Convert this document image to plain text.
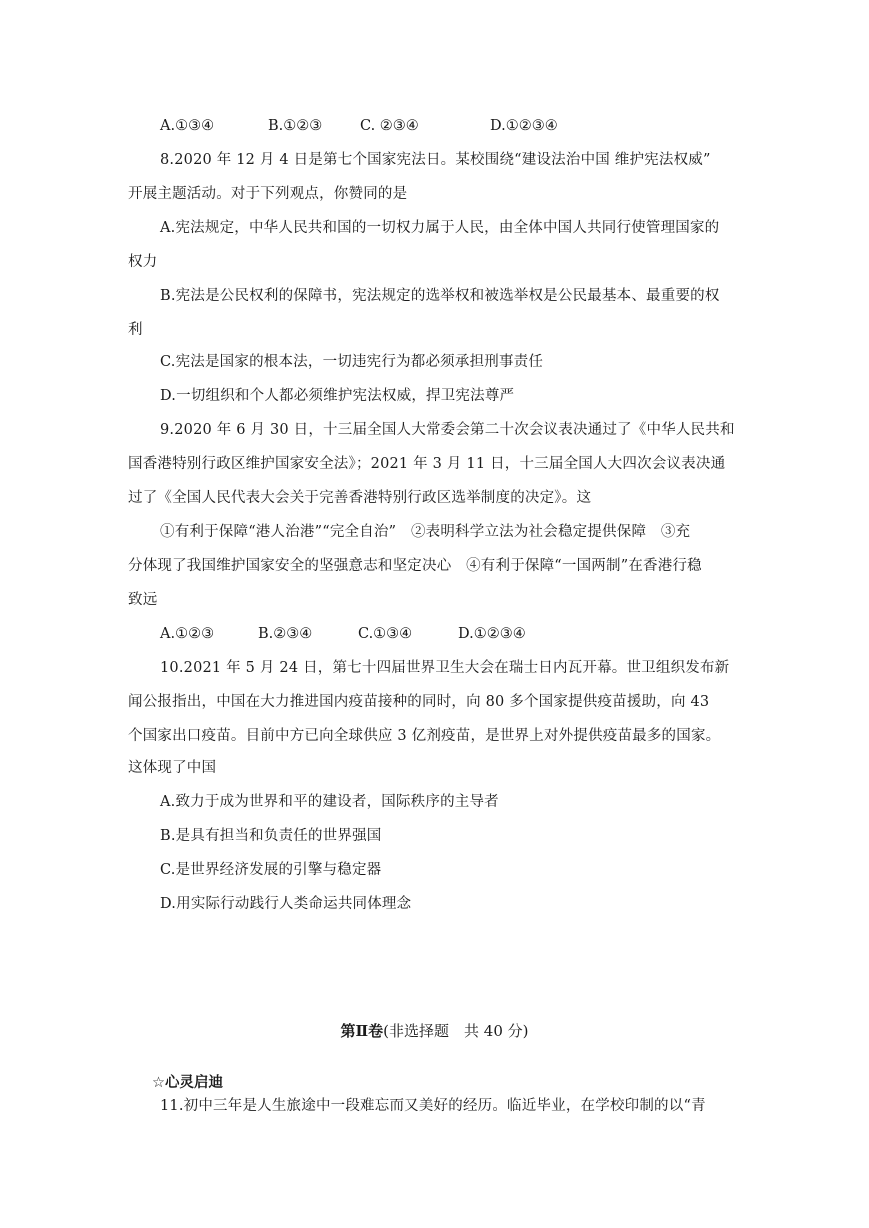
A.①③④	B.①②③	C. ②③④	D.①②③④
8.2020 年 12 月 4 日是第七个国家宪法日。某校围绕“建设法治中国 维护宪法权威”
开展主题活动。对于下列观点，你赞同的是
A.宪法规定，中华人民共和国的一切权力属于人民，由全体中国人共同行使管理国家的
权力
B.宪法是公民权利的保障书，宪法规定的选举权和被选举权是公民最基本、最重要的权
利
C.宪法是国家的根本法，一切违宪行为都必须承担刑事责任
D.一切组织和个人都必须维护宪法权威，捍卫宪法尊严
9.2020 年 6 月 30 日，十三届全国人大常委会第二十次会议表决通过了《中华人民共和
国香港特别行政区维护国家安全法》；2021 年 3 月 11 日，十三届全国人大四次会议表决通
过了《全国人民代表大会关于完善香港特别行政区选举制度的决定》。这
①有利于保障“港人治港”“完全自治”　②表明科学立法为社会稳定提供保障　③充
分体现了我国维护国家安全的坚强意志和坚定决心　④有利于保障“一国两制”在香港行稳
致远
A.①②③	B.②③④	C.①③④	D.①②③④
10.2021 年 5 月 24 日，第七十四届世界卫生大会在瑞士日内瓦开幕。世卫组织发布新
闻公报指出，中国在大力推进国内疫苗接种的同时，向 80 多个国家提供疫苗援助，向 43
个国家出口疫苗。目前中方已向全球供应 3 亿剂疫苗，是世界上对外提供疫苗最多的国家。
这体现了中国
A.致力于成为世界和平的建设者，国际秩序的主导者
B.是具有担当和负责任的世界强国
C.是世界经济发展的引擎与稳定器
D.用实际行动践行人类命运共同体理念
第Ⅱ卷(非选择题　共 40 分)
☆心灵启迪
11.初中三年是人生旅途中一段难忘而又美好的经历。临近毕业，在学校印制的以“青
